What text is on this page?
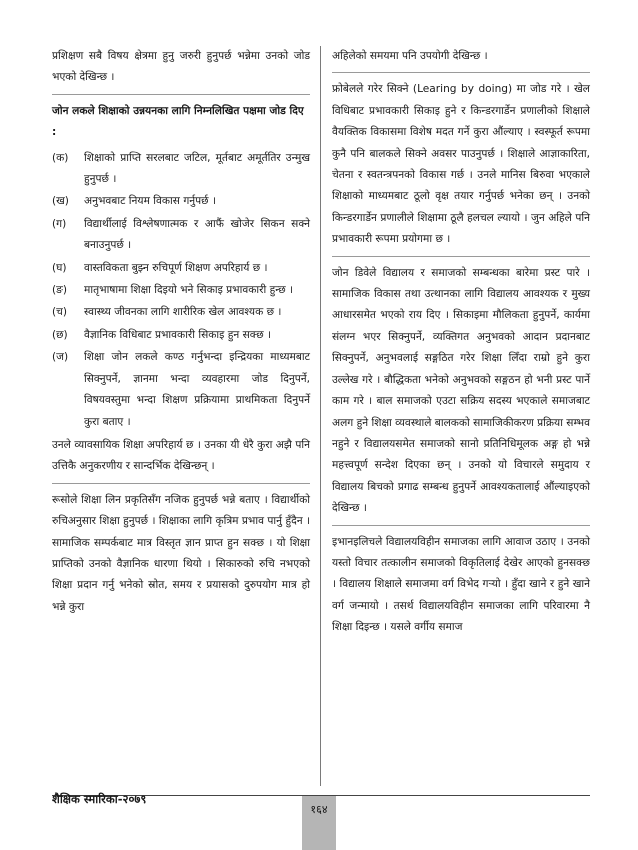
प्रशिक्षण सबै विषय क्षेत्रमा हुनु जरुरी हुनुपर्छ भन्नेमा उनको जोड भएको देखिन्छ ।

जोन लकले शिक्षाको उन्नयनका लागि निम्नलिखित पक्षमा जोड दिए :

(क)	शिक्षाको प्राप्ति सरलबाट जटिल, मूर्तबाट अमूर्ततिर उन्मुख हुनुपर्छ ।
(ख)	अनुभवबाट नियम विकास गर्नुपर्छ ।
(ग)	विद्यार्थीलाई विश्लेषणात्मक र आफैं खोजेर सिकन सक्ने बनाउनुपर्छ ।
(घ)	वास्तविकता बुझ्न रुचिपूर्ण शिक्षण अपरिहार्य छ ।
(ङ)	मातृभाषामा शिक्षा दिइयो भने सिकाइ प्रभावकारी हुन्छ ।
(च)	स्वास्थ्य जीवनका लागि शारीरिक खेल आवश्यक छ ।
(छ)	वैज्ञानिक विधिबाट प्रभावकारी सिकाइ हुन सक्छ ।
(ज)	शिक्षा जोन लकले कण्ठ गर्नुभन्दा इन्द्रियका माध्यमबाट सिक्नुपर्ने, ज्ञानमा भन्दा व्यवहारमा जोड दिनुपर्ने, विषयवस्तुमा भन्दा शिक्षण प्रक्रियामा प्राथमिकता दिनुपर्ने कुरा बताए ।

उनले व्यावसायिक शिक्षा अपरिहार्य छ । उनका यी धेरै कुरा अझै पनि उत्तिकै अनुकरणीय र सान्दर्भिक देखिन्छन् ।

रूसोले शिक्षा लिन प्रकृतिसँग नजिक हुनुपर्छ भन्ने बताए । विद्यार्थीको रुचिअनुसार शिक्षा हुनुपर्छ । शिक्षाका लागि कृत्रिम प्रभाव पार्नु हुँदैन । सामाजिक सम्पर्कबाट मात्र विस्तृत ज्ञान प्राप्त हुन सक्छ । यो शिक्षा प्राप्तिको उनको वैज्ञानिक धारणा थियो । सिकारुको रुचि नभएको शिक्षा प्रदान गर्नु भनेको स्रोत, समय र प्रयासको दुरुपयोग मात्र हो भन्ने कुरा

अहिलेको समयमा पनि उपयोगी देखिन्छ ।

फ्रोबेलले गरेर सिक्ने (Learing by doing) मा जोड गरे । खेल विधिबाट प्रभावकारी सिकाइ हुने र किन्डरगार्डेन प्रणालीको शिक्षाले वैयक्तिक विकासमा विशेष मदत गर्ने कुरा औंल्याए । स्वस्फूर्त रूपमा कुनै पनि बालकले सिक्ने अवसर पाउनुपर्छ । शिक्षाले आज्ञाकारिता, चेतना र स्वतन्त्रपनको विकास गर्छ । उनले मानिस बिरुवा भएकाले शिक्षाको माध्यमबाट ठूलो वृक्ष तयार गर्नुपर्छ भनेका छन् । उनको किन्डरगार्डेन प्रणालीले शिक्षामा ठूलै हलचल ल्यायो । जुन अहिले पनि प्रभावकारी रूपमा प्रयोगमा छ ।

जोन डिवेले विद्यालय र समाजको सम्बन्धका बारेमा प्रस्ट पारे । सामाजिक विकास तथा उत्थानका लागि विद्यालय आवश्यक र मुख्य आधारसमेत भएको राय दिए । सिकाइमा मौलिकता हुनुपर्ने, कार्यमा संलग्न भएर सिक्नुपर्ने, व्यक्तिगत अनुभवको आदान प्रदानबाट सिक्नुपर्ने, अनुभवलाई सङ्गठित गरेर शिक्षा लिँदा राम्रो हुने कुरा उल्लेख गरे । बौद्धिकता भनेको अनुभवको सङ्गठन हो भनी प्रस्ट पार्ने काम गरे । बाल समाजको एउटा सक्रिय सदस्य भएकाले समाजबाट अलग हुने शिक्षा व्यवस्थाले बालकको सामाजिकीकरण प्रक्रिया सम्भव नहुने र विद्यालयसमेत समाजको सानो प्रतिनिधिमूलक अङ्ग हो भन्ने महत्त्वपूर्ण सन्देश दिएका छन् । उनको यो विचारले समुदाय र विद्यालय बिचको प्रगाढ सम्बन्ध हुनुपर्ने आवश्यकतालाई औंल्याइएको देखिन्छ ।

इभानइलिचले विद्यालयविहीन समाजका लागि आवाज उठाए । उनको यस्तो विचार तत्कालीन समाजको विकृतिलाई देखेर आएको हुनसक्छ । विद्यालय शिक्षाले समाजमा वर्ग विभेद गऱ्यो । हुँदा खाने र हुने खाने वर्ग जन्मायो । तसर्थ विद्यालयविहीन समाजका लागि परिवारमा नै शिक्षा दिइन्छ । यसले वर्गीय समाज

शैक्षिक स्मारिका-२०७९
१६४
